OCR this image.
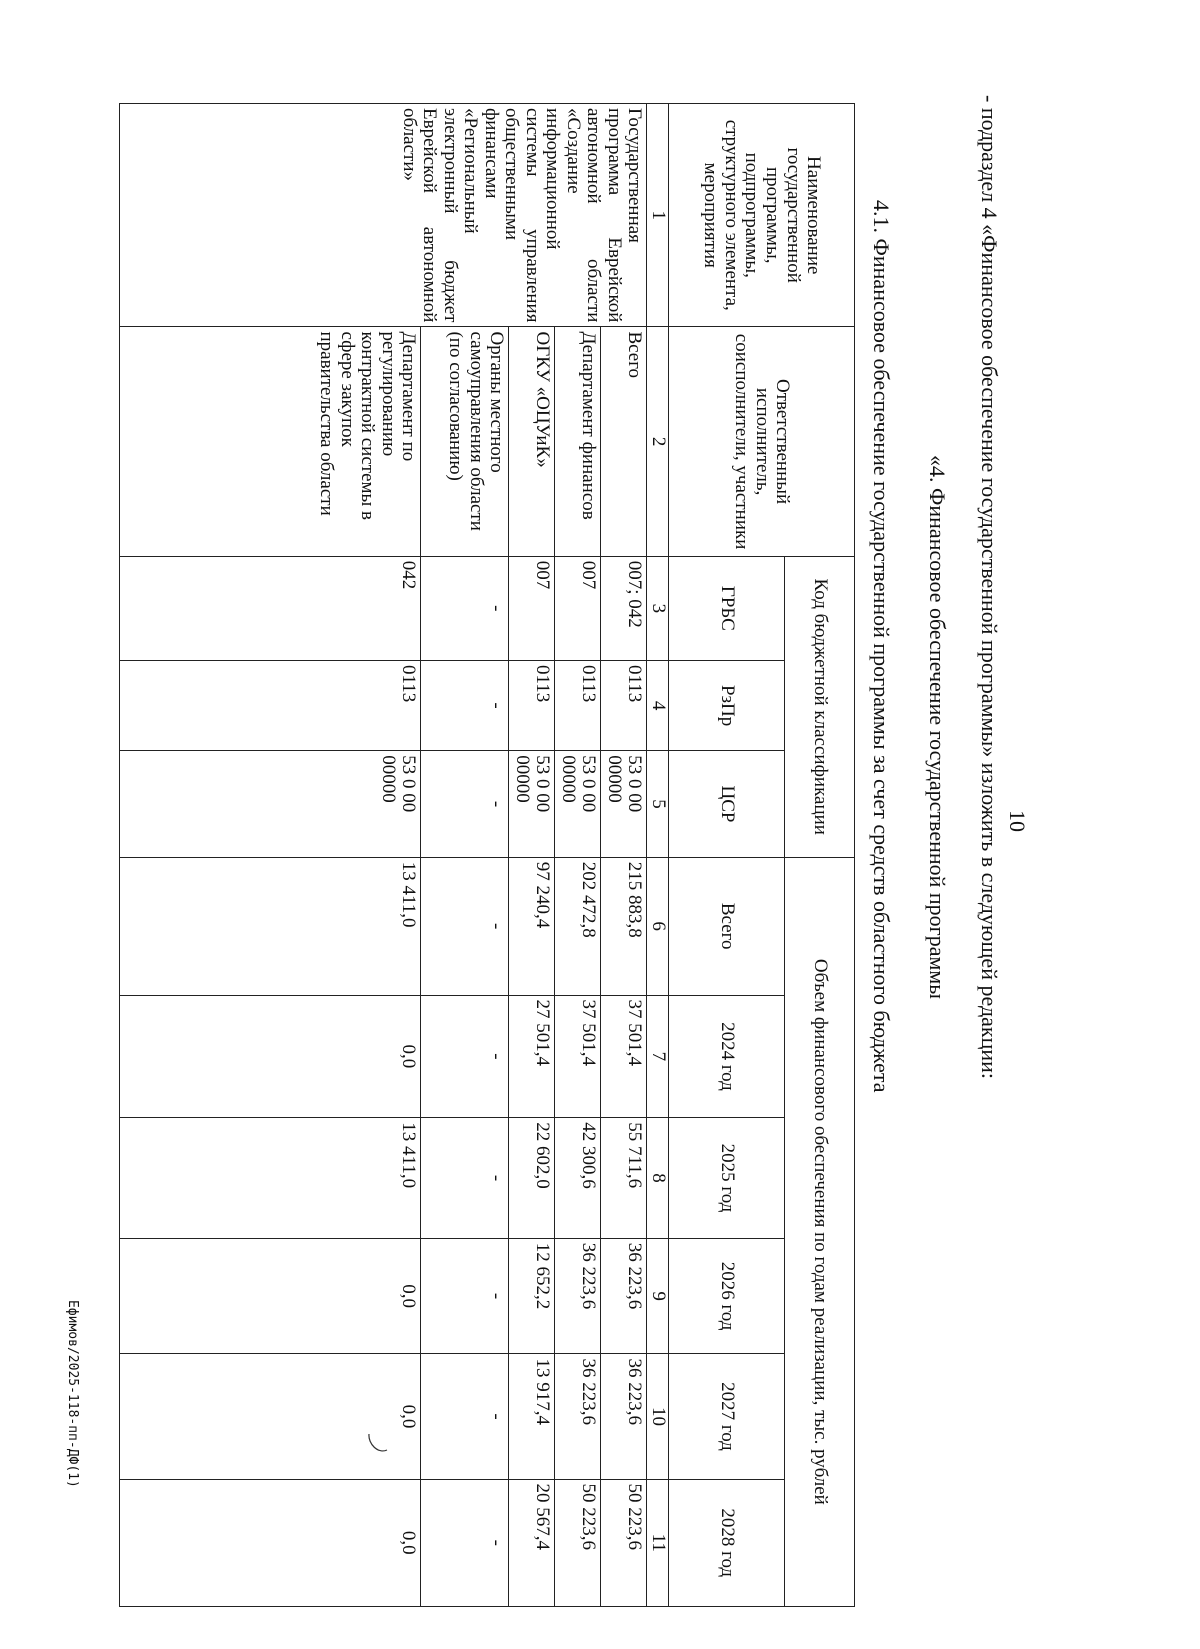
10
- подраздел 4 «Финансовое обеспечение государственной программы» изложить в следующей редакции:
«4. Финансовое обеспечение государственной программы
4.1. Финансовое обеспечение государственной программы за счет средств областного бюджета
Наименование государственной программы, подпрограммы, структурного элемента, мероприятия	Ответственный исполнитель, соисполнители, участники	Код бюджетной классификации			Объем финансового обеспечения по годам реализации, тыс. рублей					
		ГРБС	РзПр	ЦСР	Всего	2024 год	2025 год	2026 год	2027 год	2028 год
1	2	3	4	5	6	7	8	9	10	11
Государственная программа Еврейской автономной области «Создание информационной системы управления общественными финансами «Региональный электронный бюджет Еврейской автономной области»	Всего	007; 042	0113	53 0 00 00000	215 883,8	37 501,4	55 711,6	36 223,6	36 223,6	50 223,6
	Департамент финансов	007	0113	53 0 00 00000	202 472,8	37 501,4	42 300,6	36 223,6	36 223,6	50 223,6
	ОГКУ «ОЦУиК»	007	0113	53 0 00 00000	97 240,4	27 501,4	22 602,0	12 652,2	13 917,4	20 567,4
	Органы местного самоуправления области (по согласованию)	-	-	-	-	-	-	-	-	-
	Департамент по регулированию контрактной системы в сфере закупок правительства области	042	0113	53 0 00 00000	13 411,0	0,0	13 411,0	0,0	0,0	0,0
Ефимов/2025-118-пп-ДФ(1)
